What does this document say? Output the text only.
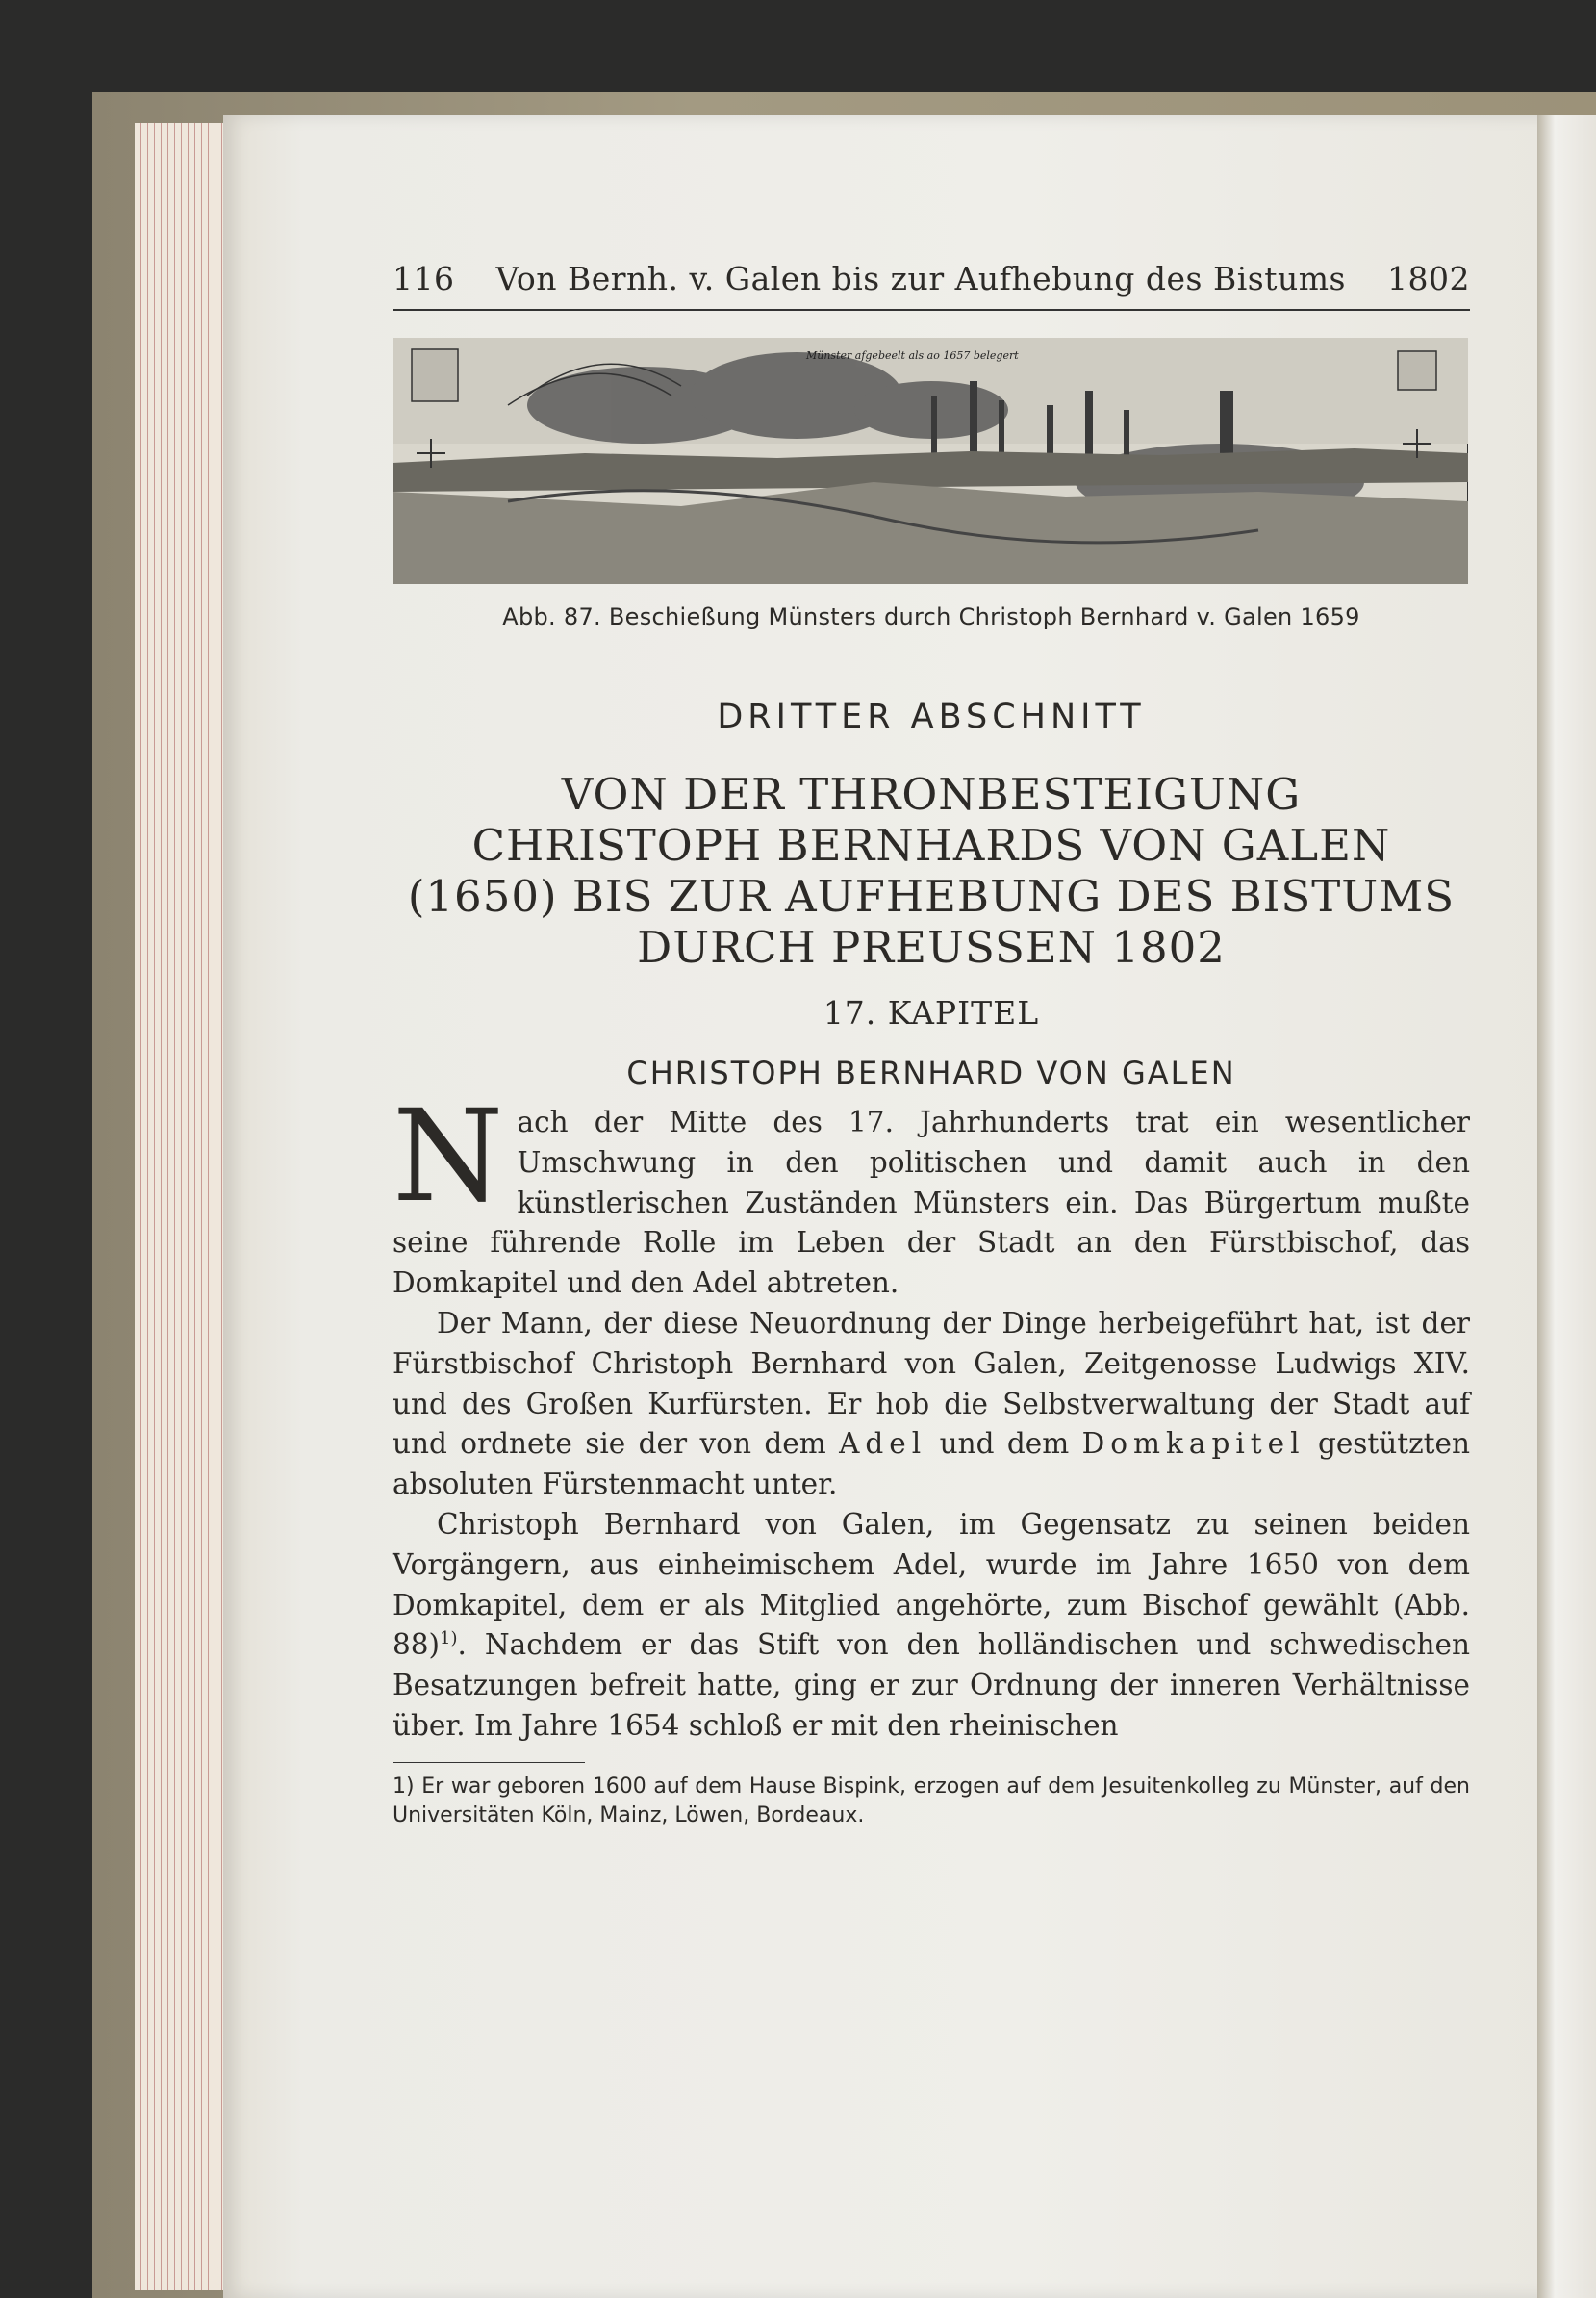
116	Von Bernh. v. Galen bis zur Aufhebung des Bistums	1802
Münster afgebeelt als ao 1657 belegert
Abb. 87. Beschießung Münsters durch Christoph Bernhard v. Galen 1659
DRITTER ABSCHNITT
VON DER THRONBESTEIGUNG
CHRISTOPH BERNHARDS VON GALEN
(1650) BIS ZUR AUFHEBUNG DES BISTUMS
DURCH PREUSSEN 1802
17. KAPITEL
CHRISTOPH BERNHARD VON GALEN

Nach der Mitte des 17. Jahrhunderts trat ein wesentlicher Umschwung in den politischen und damit auch in den künstlerischen Zuständen Münsters ein. Das Bürgertum mußte seine führende Rolle im Leben der Stadt an den Fürstbischof, das Domkapitel und den Adel abtreten.

Der Mann, der diese Neuordnung der Dinge herbeigeführt hat, ist der Fürstbischof Christoph Bernhard von Galen, Zeitgenosse Ludwigs XIV. und des Großen Kurfürsten. Er hob die Selbstverwaltung der Stadt auf und ordnete sie der von dem Adel und dem Domkapitel gestützten absoluten Fürstenmacht unter.

Christoph Bernhard von Galen, im Gegensatz zu seinen beiden Vorgängern, aus einheimischem Adel, wurde im Jahre 1650 von dem Domkapitel, dem er als Mitglied angehörte, zum Bischof gewählt (Abb. 88)$^{1)}$. Nachdem er das Stift von den holländischen und schwedischen Besatzungen befreit hatte, ging er zur Ordnung der inneren Verhältnisse über. Im Jahre 1654 schloß er mit den rheinischen

1) Er war geboren 1600 auf dem Hause Bispink, erzogen auf dem Jesuitenkolleg zu Münster, auf den Universitäten Köln, Mainz, Löwen, Bordeaux.
